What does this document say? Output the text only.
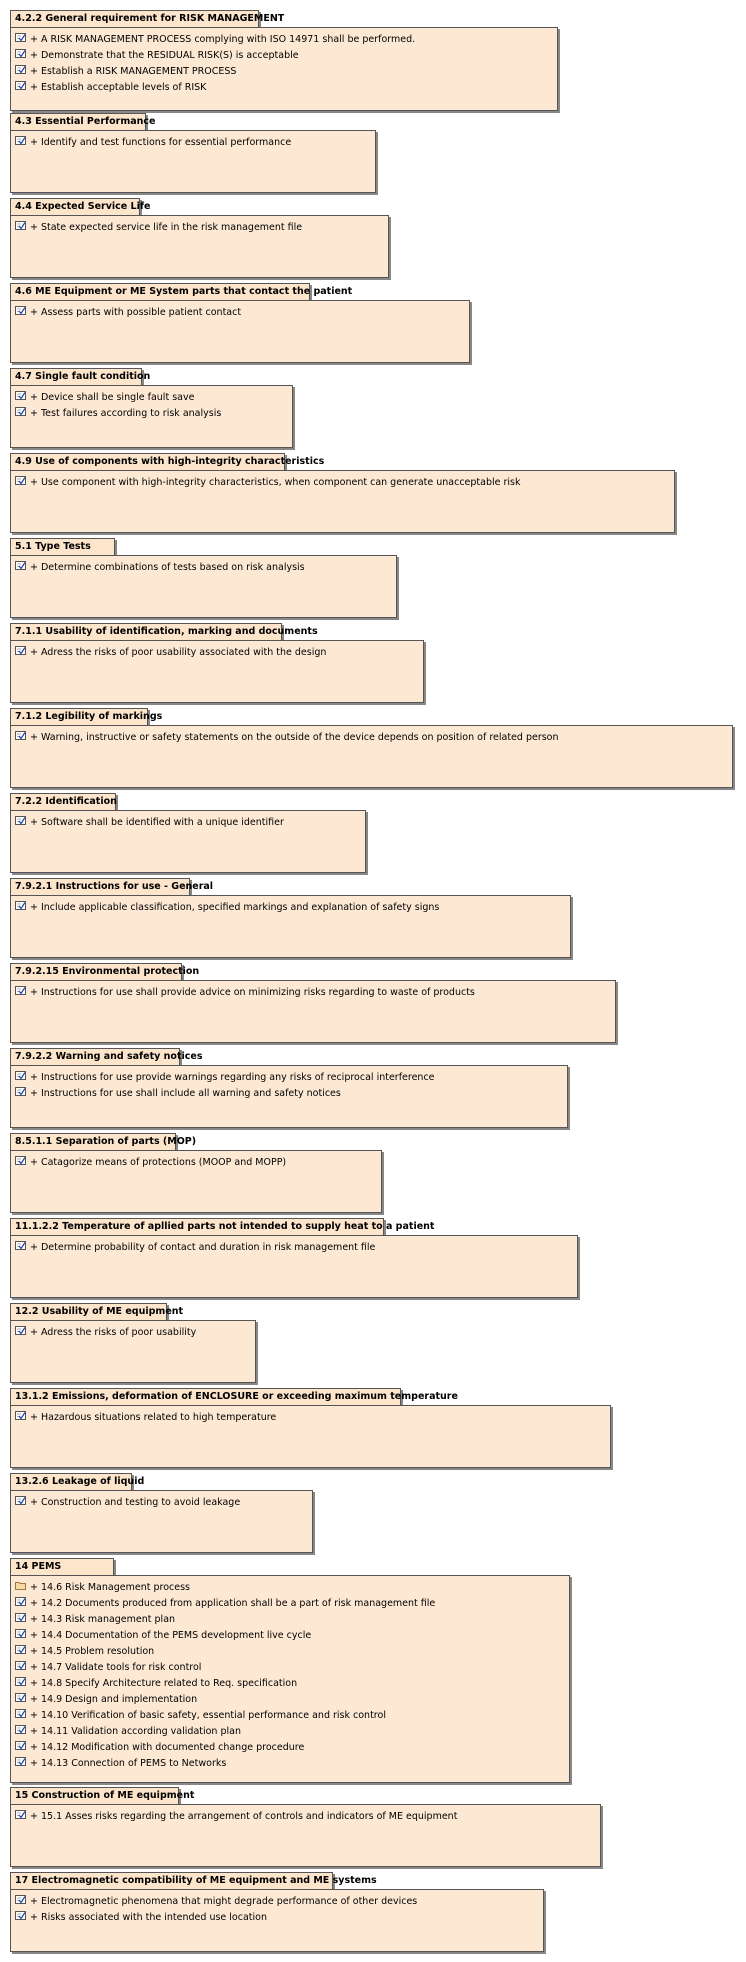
4.2.2 General requirement for RISK MANAGEMENT
+ A RISK MANAGEMENT PROCESS complying with ISO 14971 shall be performed.
+ Demonstrate that the RESIDUAL RISK(S) is acceptable
+ Establish a RISK MANAGEMENT PROCESS
+ Establish acceptable levels of RISK
4.3 Essential Performance
+ Identify and test functions for essential performance
4.4 Expected Service Life
+ State expected service life in the risk management file
4.6 ME Equipment or ME System parts that contact the patient
+ Assess parts with possible patient contact
4.7 Single fault condition
+ Device shall be single fault save
+ Test failures according to risk analysis
4.9 Use of components with high-integrity characteristics
+ Use component with high-integrity characteristics, when component can generate unacceptable risk
5.1 Type Tests
+ Determine combinations of tests based on risk analysis
7.1.1 Usability of identification, marking and documents
+ Adress the risks of poor usability associated with the design
7.1.2 Legibility of markings
+ Warning, instructive or safety statements on the outside of the device depends on position of related person
7.2.2 Identification
+ Software shall be identified with a unique identifier
7.9.2.1 Instructions for use - General
+ Include applicable classification, specified markings and explanation of safety signs
7.9.2.15 Environmental protection
+ Instructions for use shall provide advice on minimizing risks regarding to waste of products
7.9.2.2 Warning and safety notices
+ Instructions for use provide warnings regarding any risks of reciprocal interference
+ Instructions for use shall include all warning and safety notices
8.5.1.1 Separation of parts (MOP)
+ Catagorize means of protections (MOOP and MOPP)
11.1.2.2 Temperature of apllied parts not intended to supply heat to a patient
+ Determine probability of contact and duration in risk management file
12.2 Usability of ME equipment
+ Adress the risks of poor usability
13.1.2 Emissions, deformation of ENCLOSURE or exceeding maximum temperature
+ Hazardous situations related to high temperature
13.2.6 Leakage of liquid
+ Construction and testing to avoid leakage
14 PEMS
+ 14.6 Risk Management process
+ 14.2 Documents produced from application shall be a part of risk management file
+ 14.3 Risk management plan
+ 14.4 Documentation of the PEMS development live cycle
+ 14.5 Problem resolution
+ 14.7 Validate tools for risk control
+ 14.8 Specify Architecture related to Req. specification
+ 14.9 Design and implementation
+ 14.10 Verification of basic safety, essential performance and risk control
+ 14.11 Validation according validation plan
+ 14.12 Modification with documented change procedure
+ 14.13 Connection of PEMS to Networks
15 Construction of ME equipment
+ 15.1 Asses risks regarding the arrangement of controls and indicators of ME equipment
17 Electromagnetic compatibility of ME equipment and ME systems
+ Electromagnetic phenomena that might degrade performance of other devices
+ Risks associated with the intended use location
